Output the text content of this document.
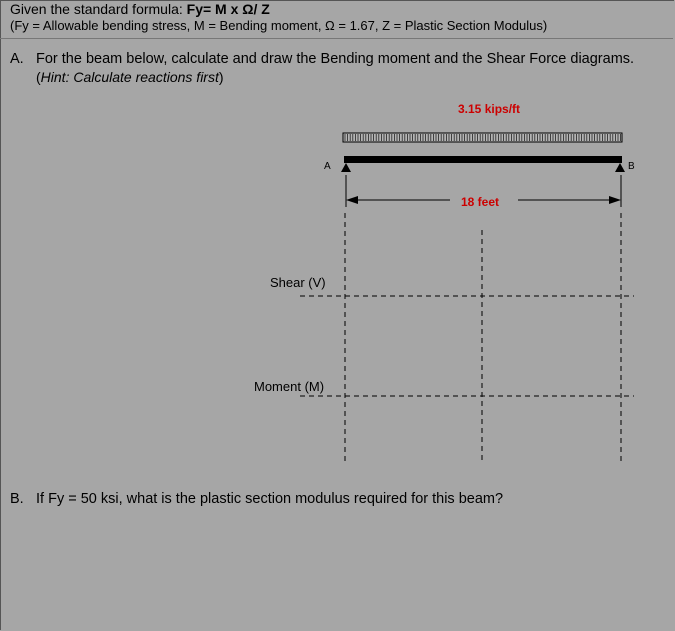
Given the standard formula: Fy= M x Ω/ Z
(Fy = Allowable bending stress, M = Bending moment, Ω = 1.67, Z = Plastic Section Modulus)
A. For the beam below, calculate and draw the Bending moment and the Shear Force diagrams.
(Hint: Calculate reactions first)
3.15 kips/ft
A	B
18 feet
Shear (V)
Moment (M)
B. If Fy = 50 ksi, what is the plastic section modulus required for this beam?
